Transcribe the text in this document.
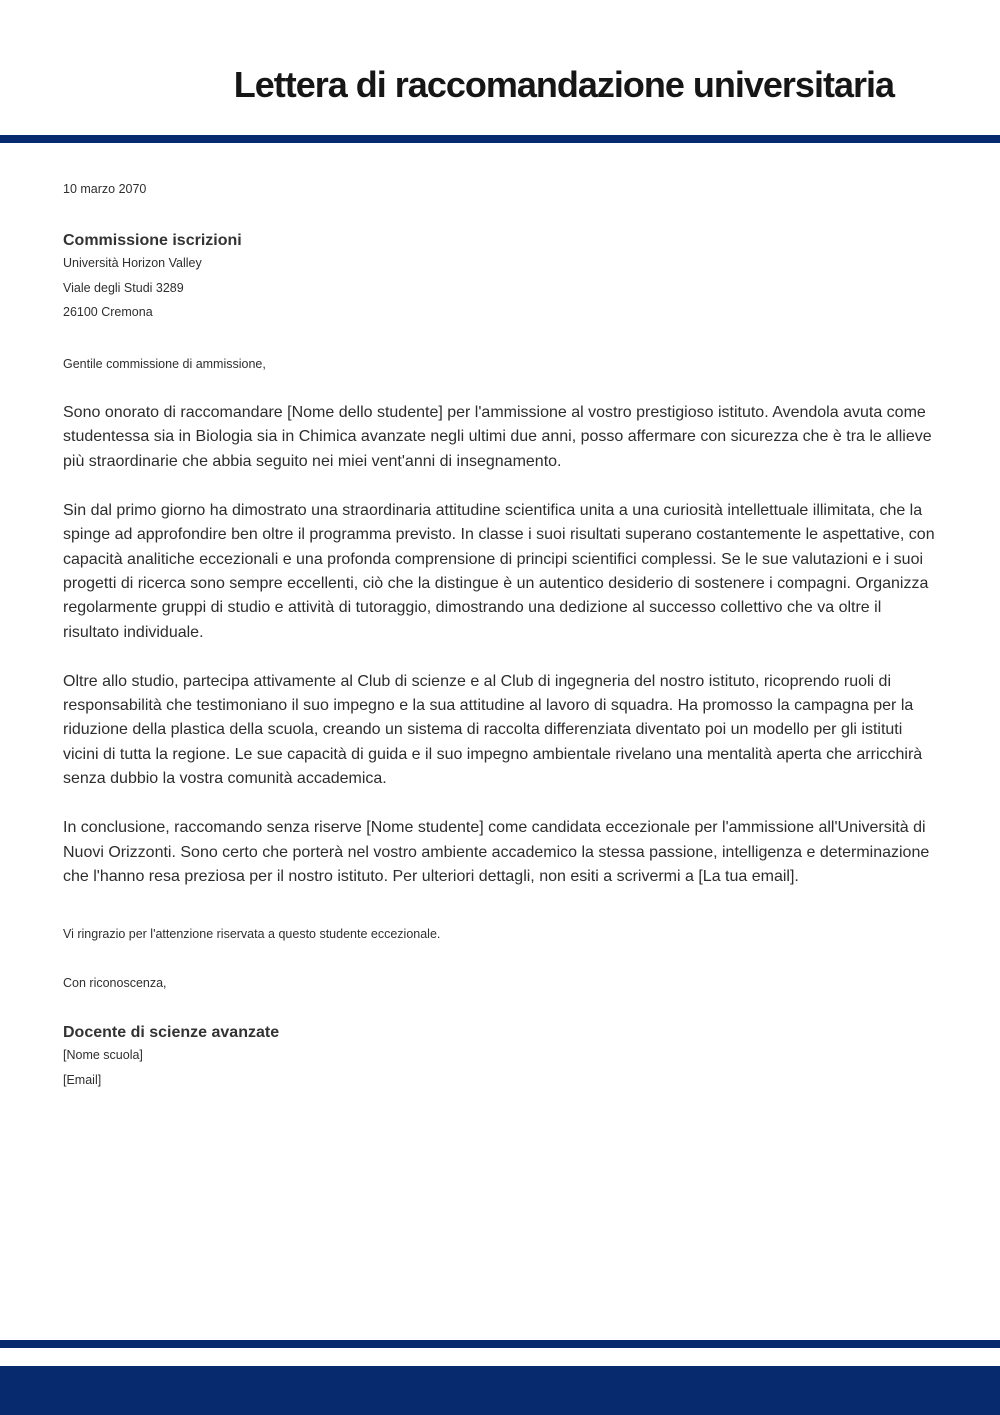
Lettera di raccomandazione universitaria

10 marzo 2070

Commissione iscrizioni

Università Horizon Valley

Viale degli Studi 3289

26100 Cremona

Gentile commissione di ammissione,

Sono onorato di raccomandare [Nome dello studente] per l'ammissione al vostro prestigioso istituto. Avendola avuta come studentessa sia in Biologia sia in Chimica avanzate negli ultimi due anni, posso affermare con sicurezza che è tra le allieve più straordinarie che abbia seguito nei miei vent'anni di insegnamento.

Sin dal primo giorno ha dimostrato una straordinaria attitudine scientifica unita a una curiosità intellettuale illimitata, che la spinge ad approfondire ben oltre il programma previsto. In classe i suoi risultati superano costantemente le aspettative, con capacità analitiche eccezionali e una profonda comprensione di principi scientifici complessi. Se le sue valutazioni e i suoi progetti di ricerca sono sempre eccellenti, ciò che la distingue è un autentico desiderio di sostenere i compagni. Organizza regolarmente gruppi di studio e attività di tutoraggio, dimostrando una dedizione al successo collettivo che va oltre il risultato individuale.

Oltre allo studio, partecipa attivamente al Club di scienze e al Club di ingegneria del nostro istituto, ricoprendo ruoli di responsabilità che testimoniano il suo impegno e la sua attitudine al lavoro di squadra. Ha promosso la campagna per la riduzione della plastica della scuola, creando un sistema di raccolta differenziata diventato poi un modello per gli istituti vicini di tutta la regione. Le sue capacità di guida e il suo impegno ambientale rivelano una mentalità aperta che arricchirà senza dubbio la vostra comunità accademica.

In conclusione, raccomando senza riserve [Nome studente] come candidata eccezionale per l'ammissione all'Università di Nuovi Orizzonti. Sono certo che porterà nel vostro ambiente accademico la stessa passione, intelligenza e determinazione che l'hanno resa preziosa per il nostro istituto. Per ulteriori dettagli, non esiti a scrivermi a [La tua email].

Vi ringrazio per l'attenzione riservata a questo studente eccezionale.

Con riconoscenza,

Docente di scienze avanzate

[Nome scuola]

[Email]
